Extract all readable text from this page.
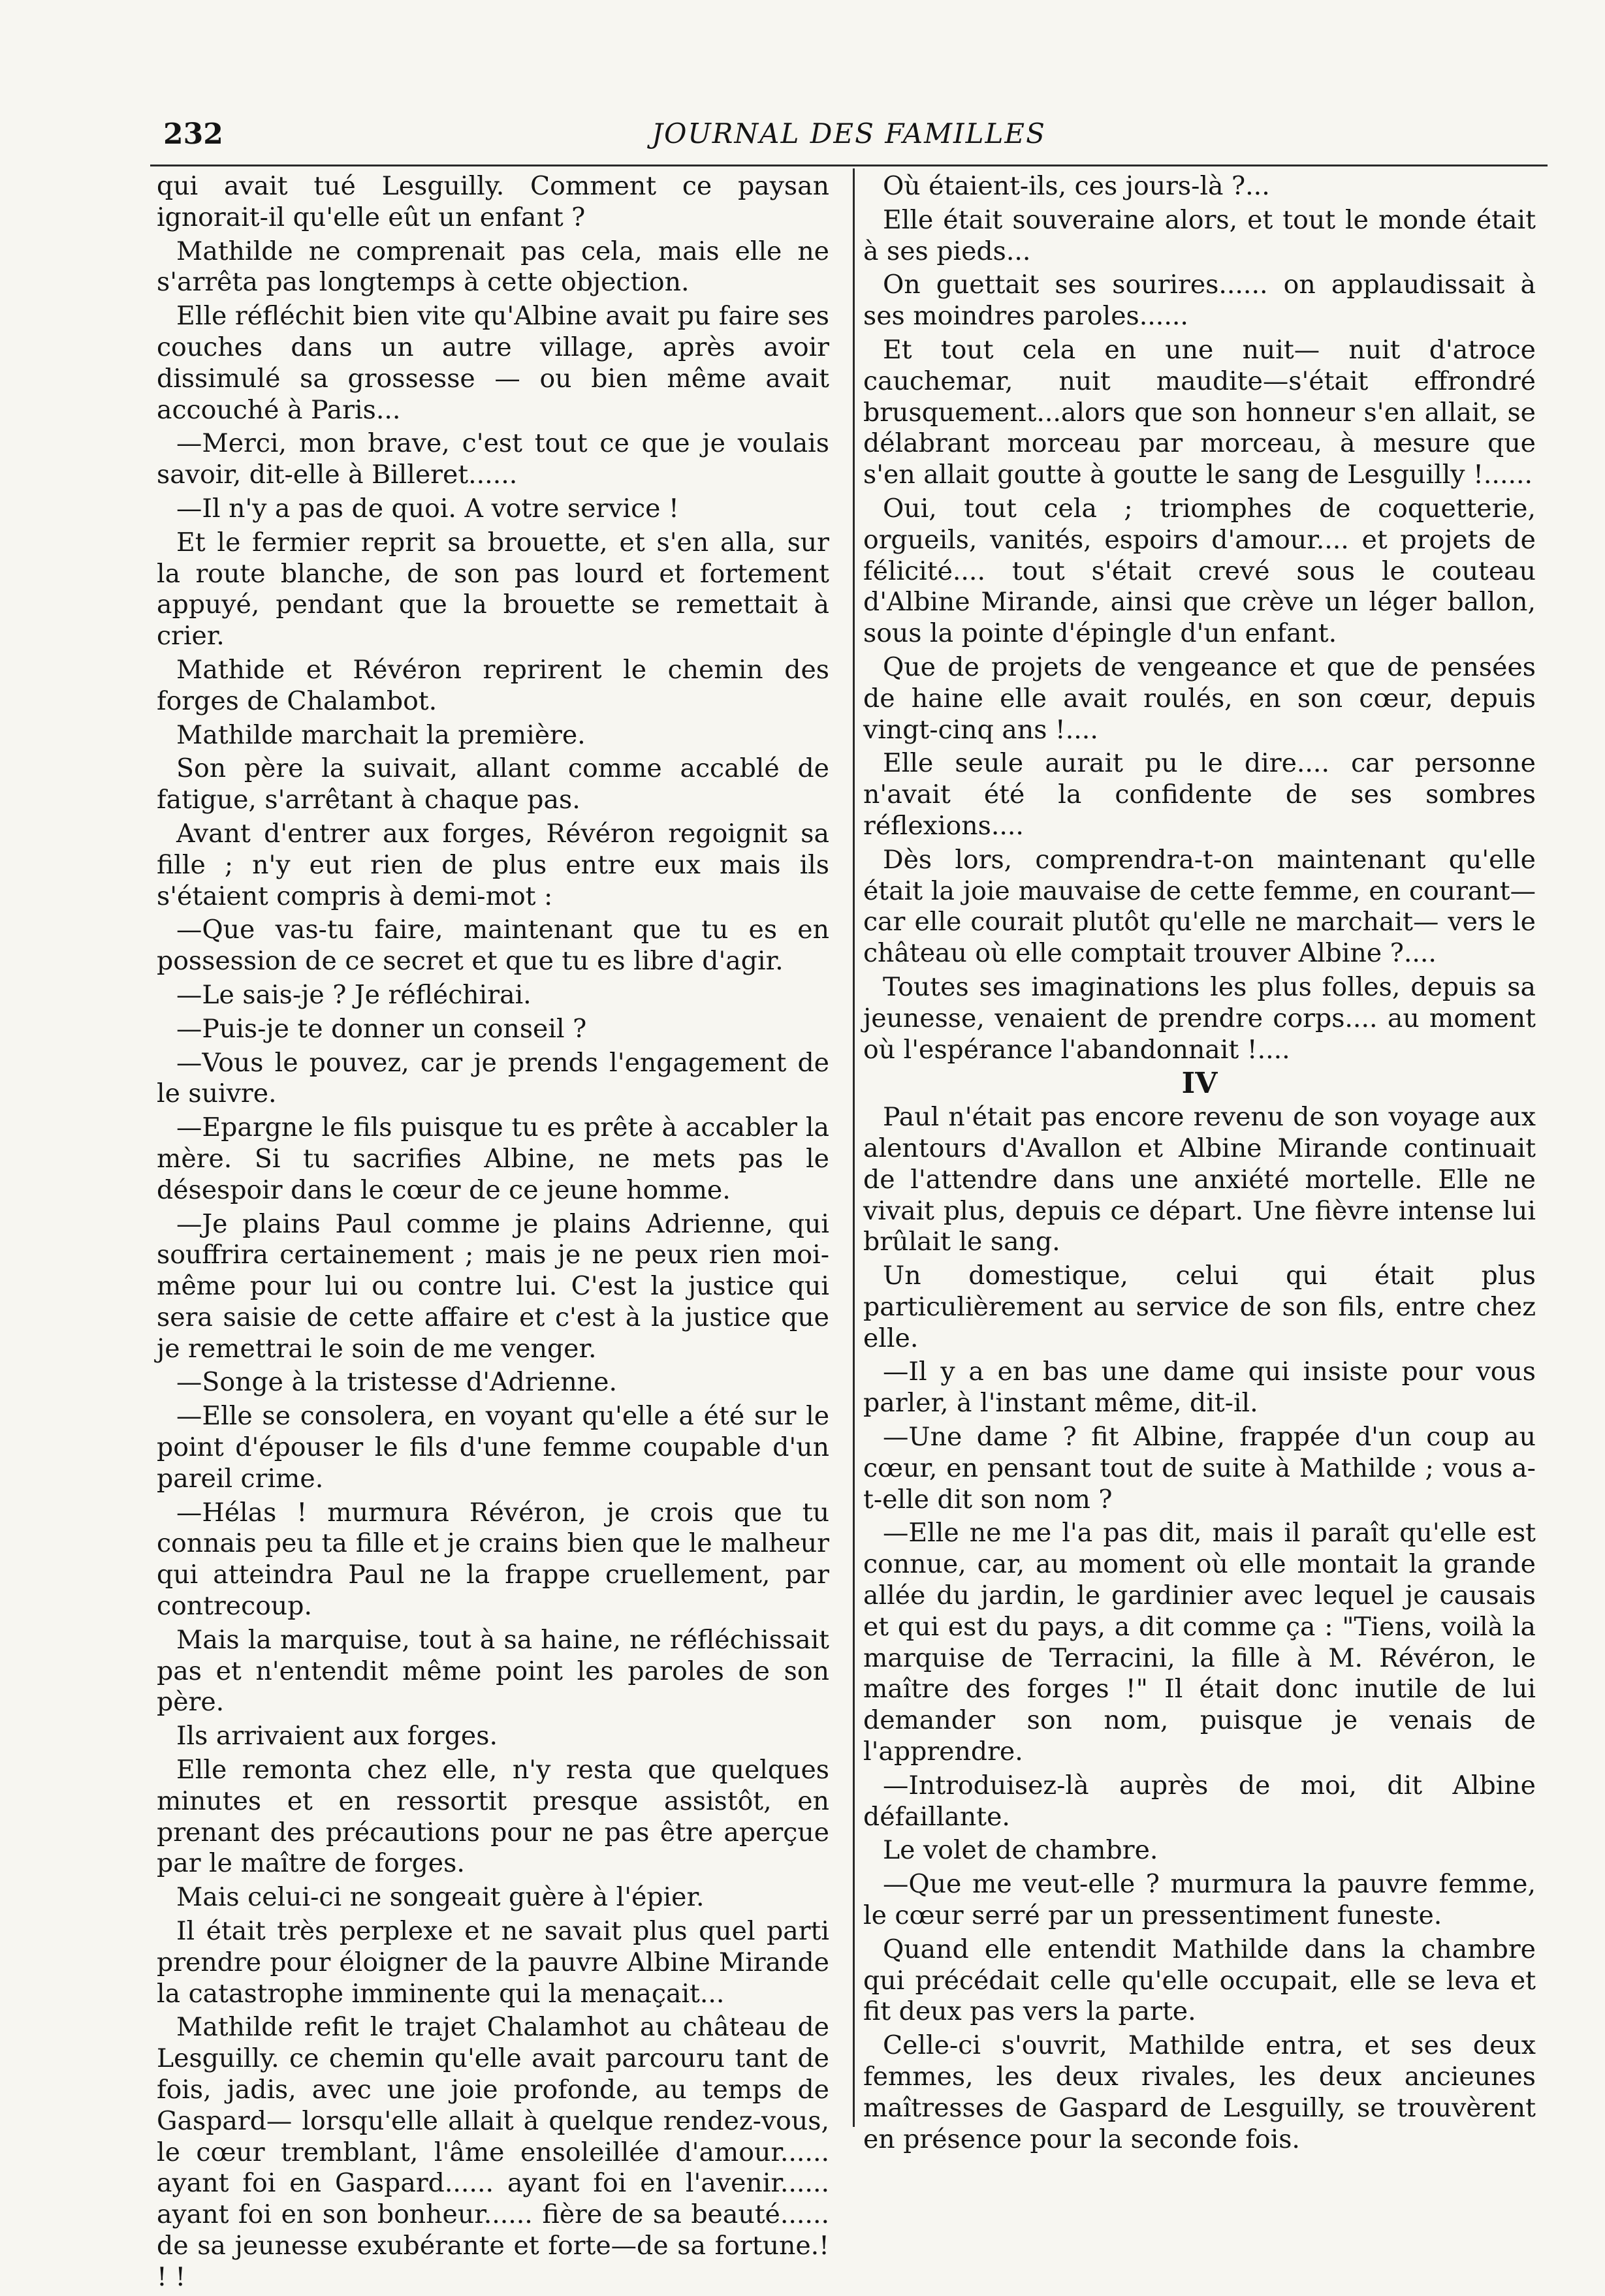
232	JOURNAL DES FAMILLES

qui avait tué Lesguilly. Comment ce paysan ignorait-il qu'elle eût un enfant ?

Mathilde ne comprenait pas cela, mais elle ne s'arrêta pas longtemps à cette objection.

Elle réfléchit bien vite qu'Albine avait pu faire ses couches dans un autre village, après avoir dissimulé sa grossesse — ou bien même avait accouché à Paris...

—Merci, mon brave, c'est tout ce que je voulais savoir, dit-elle à Billeret......

—Il n'y a pas de quoi. A votre service !

Et le fermier reprit sa brouette, et s'en alla, sur la route blanche, de son pas lourd et fortement appuyé, pendant que la brouette se remettait à crier.

Mathide et Révéron reprirent le chemin des forges de Chalambot.

Mathilde marchait la première.

Son père la suivait, allant comme accablé de fatigue, s'arrêtant à chaque pas.

Avant d'entrer aux forges, Révéron regoignit sa fille ; n'y eut rien de plus entre eux mais ils s'étaient compris à demi-mot :

—Que vas-tu faire, maintenant que tu es en possession de ce secret et que tu es libre d'agir.

—Le sais-je ? Je réfléchirai.

—Puis-je te donner un conseil ?

—Vous le pouvez, car je prends l'engagement de le suivre.

—Epargne le fils puisque tu es prête à accabler la mère. Si tu sacrifies Albine, ne mets pas le désespoir dans le cœur de ce jeune homme.

—Je plains Paul comme je plains Adrienne, qui souffrira certainement ; mais je ne peux rien moi-même pour lui ou contre lui. C'est la justice qui sera saisie de cette affaire et c'est à la justice que je remettrai le soin de me venger.

—Songe à la tristesse d'Adrienne.

—Elle se consolera, en voyant qu'elle a été sur le point d'épouser le fils d'une femme coupable d'un pareil crime.

—Hélas ! murmura Révéron, je crois que tu connais peu ta fille et je crains bien que le malheur qui atteindra Paul ne la frappe cruellement, par contrecoup.

Mais la marquise, tout à sa haine, ne réfléchissait pas et n'entendit même point les paroles de son père.

Ils arrivaient aux forges.

Elle remonta chez elle, n'y resta que quelques minutes et en ressortit presque assistôt, en prenant des précautions pour ne pas être aperçue par le maître de forges.

Mais celui-ci ne songeait guère à l'épier.

Il était très perplexe et ne savait plus quel parti prendre pour éloigner de la pauvre Albine Mirande la catastrophe imminente qui la menaçait...

Mathilde refit le trajet Chalamhot au château de Lesguilly. ce chemin qu'elle avait parcouru tant de fois, jadis, avec une joie profonde, au temps de Gaspard— lorsqu'elle allait à quelque rendez-vous, le cœur tremblant, l'âme ensoleillée d'amour...... ayant foi en Gaspard...... ayant foi en l'avenir...... ayant foi en son bonheur...... fière de sa beauté...... de sa jeunesse exubérante et forte—de sa fortune.! ! !

Où étaient-ils, ces jours-là ?...

Elle était souveraine alors, et tout le monde était à ses pieds...

On guettait ses sourires...... on applaudissait à ses moindres paroles......

Et tout cela en une nuit— nuit d'atroce cauchemar, nuit maudite—s'était effrondré brusquement...alors que son honneur s'en allait, se délabrant morceau par morceau, à mesure que s'en allait goutte à goutte le sang de Lesguilly !......

Oui, tout cela ; triomphes de coquetterie, orgueils, vanités, espoirs d'amour.... et projets de félicité.... tout s'était crevé sous le couteau d'Albine Mirande, ainsi que crève un léger ballon, sous la pointe d'épingle d'un enfant.

Que de projets de vengeance et que de pensées de haine elle avait roulés, en son cœur, depuis vingt-cinq ans !....

Elle seule aurait pu le dire.... car personne n'avait été la confidente de ses sombres réflexions....

Dès lors, comprendra-t-on maintenant qu'elle était la joie mauvaise de cette femme, en courant— car elle courait plutôt qu'elle ne marchait— vers le château où elle comptait trouver Albine ?....

Toutes ses imaginations les plus folles, depuis sa jeunesse, venaient de prendre corps.... au moment où l'espérance l'abandonnait !....

IV

Paul n'était pas encore revenu de son voyage aux alentours d'Avallon et Albine Mirande continuait de l'attendre dans une anxiété mortelle. Elle ne vivait plus, depuis ce départ. Une fièvre intense lui brûlait le sang.

Un domestique, celui qui était plus particulièrement au service de son fils, entre chez elle.

—Il y a en bas une dame qui insiste pour vous parler, à l'instant même, dit-il.

—Une dame ? fit Albine, frappée d'un coup au cœur, en pensant tout de suite à Mathilde ; vous a-t-elle dit son nom ?

—Elle ne me l'a pas dit, mais il paraît qu'elle est connue, car, au moment où elle montait la grande allée du jardin, le gardinier avec lequel je causais et qui est du pays, a dit comme ça : "Tiens, voilà la marquise de Terracini, la fille à M. Révéron, le maître des forges !" Il était donc inutile de lui demander son nom, puisque je venais de l'apprendre.

—Introduisez-là auprès de moi, dit Albine défaillante.

Le volet de chambre.

—Que me veut-elle ? murmura la pauvre femme, le cœur serré par un pressentiment funeste.

Quand elle entendit Mathilde dans la chambre qui précédait celle qu'elle occupait, elle se leva et fit deux pas vers la parte.

Celle-ci s'ouvrit, Mathilde entra, et ses deux femmes, les deux rivales, les deux ancieunes maîtresses de Gaspard de Lesguilly, se trouvèrent en présence pour la seconde fois.
